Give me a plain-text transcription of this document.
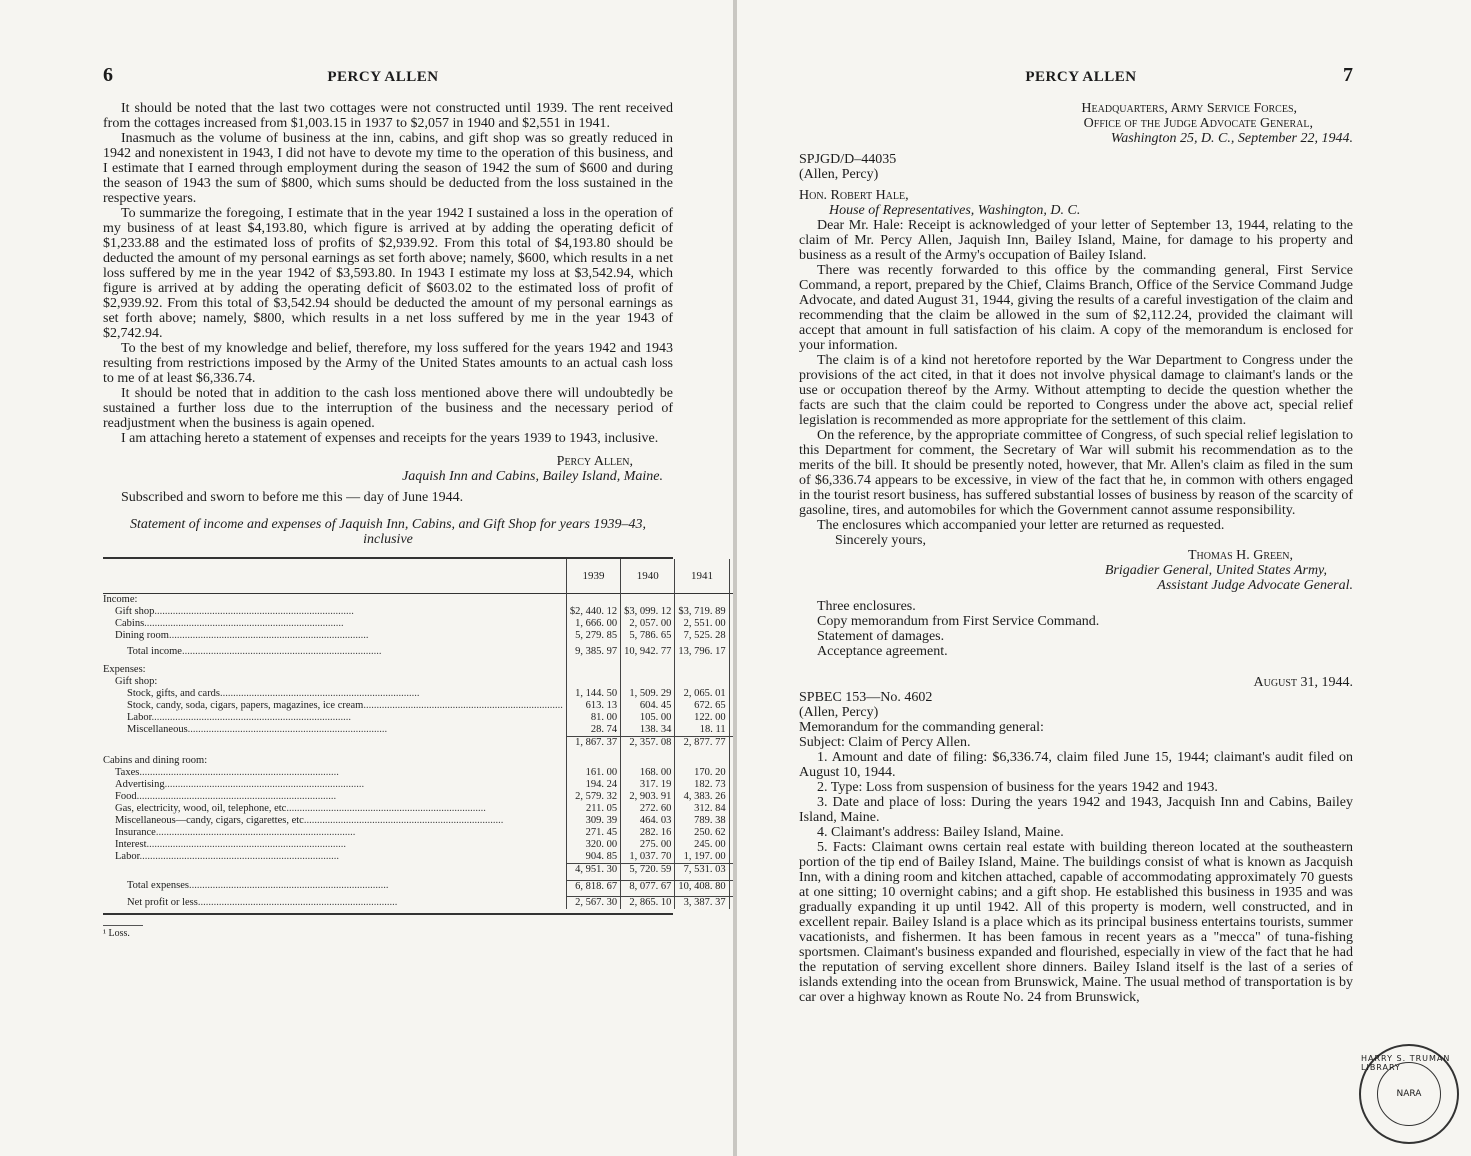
6	PERCY ALLEN

It should be noted that the last two cottages were not constructed until 1939. The rent received from the cottages increased from $1,003.15 in 1937 to $2,057 in 1940 and $2,551 in 1941.

Inasmuch as the volume of business at the inn, cabins, and gift shop was so greatly reduced in 1942 and nonexistent in 1943, I did not have to devote my time to the operation of this business, and I estimate that I earned through employment during the season of 1942 the sum of $600 and during the season of 1943 the sum of $800, which sums should be deducted from the loss sustained in the respective years.

To summarize the foregoing, I estimate that in the year 1942 I sustained a loss in the operation of my business of at least $4,193.80, which figure is arrived at by adding the operating deficit of $1,233.88 and the estimated loss of profits of $2,939.92. From this total of $4,193.80 should be deducted the amount of my personal earnings as set forth above; namely, $600, which results in a net loss suffered by me in the year 1942 of $3,593.80. In 1943 I estimate my loss at $3,542.94, which figure is arrived at by adding the operating deficit of $603.02 to the estimated loss of profit of $2,939.92. From this total of $3,542.94 should be deducted the amount of my personal earnings as set forth above; namely, $800, which results in a net loss suffered by me in the year 1943 of $2,742.94.

To the best of my knowledge and belief, therefore, my loss suffered for the years 1942 and 1943 resulting from restrictions imposed by the Army of the United States amounts to an actual cash loss to me of at least $6,336.74.

It should be noted that in addition to the cash loss mentioned above there will undoubtedly be sustained a further loss due to the interruption of the business and the necessary period of readjustment when the business is again opened.

I am attaching hereto a statement of expenses and receipts for the years 1939 to 1943, inclusive.

Percy Allen,
Jaquish Inn and Cabins, Bailey Island, Maine.

Subscribed and sworn to before me this — day of June 1944.

Statement of income and expenses of Jaquish Inn, Cabins, and Gift Shop for years 1939–43, inclusive

	1939	1940	1941		

Income:					
Gift shop .....	$2, 440. 12	$3, 099. 12	$3, 719. 89		
Cabins .....	1, 666. 00	2, 057. 00	2, 551. 00		
Dining room .....	5, 279. 85	5, 786. 65	7, 525. 28		

Total income .....	9, 385. 97	10, 942. 77	13, 796. 17		

Expenses:					
Gift shop:					
Stock, gifts, and cards .....	1, 144. 50	1, 509. 29	2, 065. 01		
Stock, candy, soda, cigars, papers, magazines, ice cream .....	613. 13	604. 45	672. 65		
Labor .....	81. 00	105. 00	122. 00		
Miscellaneous .....	28. 74	138. 34	18. 11		
	1, 867. 37	2, 357. 08	2, 877. 77		

Cabins and dining room:					
Taxes .....	161. 00	168. 00	170. 20		
Advertising .....	194. 24	317. 19	182. 73		
Food .....	2, 579. 32	2, 903. 91	4, 383. 26		
Gas, electricity, wood, oil, telephone, etc .....	211. 05	272. 60	312. 84		
Miscellaneous—candy, cigars, cigarettes, etc .....	309. 39	464. 03	789. 38		
Insurance .....	271. 45	282. 16	250. 62		
Interest .....	320. 00	275. 00	245. 00		
Labor .....	904. 85	1, 037. 70	1, 197. 00		
	4, 951. 30	5, 720. 59	7, 531. 03		

Total expenses .....	6, 818. 67	8, 077. 67	10, 408. 80		

Net profit or less .....	2, 567. 30	2, 865. 10	3, 387. 37		
¹ Loss.
PERCY ALLEN	7
Headquarters, Army Service Forces,
Office of the Judge Advocate General,
Washington 25, D. C., September 22, 1944.

SPJGD/D–44035

(Allen, Percy)

Hon. Robert Hale,

House of Representatives, Washington, D. C.

Dear Mr. Hale: Receipt is acknowledged of your letter of September 13, 1944, relating to the claim of Mr. Percy Allen, Jaquish Inn, Bailey Island, Maine, for damage to his property and business as a result of the Army's occupation of Bailey Island.

There was recently forwarded to this office by the commanding general, First Service Command, a report, prepared by the Chief, Claims Branch, Office of the Service Command Judge Advocate, and dated August 31, 1944, giving the results of a careful investigation of the claim and recommending that the claim be allowed in the sum of $2,112.24, provided the claimant will accept that amount in full satisfaction of his claim. A copy of the memorandum is enclosed for your information.

The claim is of a kind not heretofore reported by the War Department to Congress under the provisions of the act cited, in that it does not involve physical damage to claimant's lands or the use or occupation thereof by the Army. Without attempting to decide the question whether the facts are such that the claim could be reported to Congress under the above act, special relief legislation is recommended as more appropriate for the settlement of this claim.

On the reference, by the appropriate committee of Congress, of such special relief legislation to this Department for comment, the Secretary of War will submit his recommendation as to the merits of the bill. It should be presently noted, however, that Mr. Allen's claim as filed in the sum of $6,336.74 appears to be excessive, in view of the fact that he, in common with others engaged in the tourist resort business, has suffered substantial losses of business by reason of the scarcity of gasoline, tires, and automobiles for which the Government cannot assume responsibility.

The enclosures which accompanied your letter are returned as requested.

Sincerely yours,

Thomas H. Green,
Brigadier General, United States Army,
Assistant Judge Advocate General.

Three enclosures.

Copy memorandum from First Service Command.

Statement of damages.

Acceptance agreement.

August 31, 1944.

SPBEC 153—No. 4602

(Allen, Percy)

Memorandum for the commanding general:

Subject: Claim of Percy Allen.

1. Amount and date of filing: $6,336.74, claim filed June 15, 1944; claimant's audit filed on August 10, 1944.

2. Type: Loss from suspension of business for the years 1942 and 1943.

3. Date and place of loss: During the years 1942 and 1943, Jacquish Inn and Cabins, Bailey Island, Maine.

4. Claimant's address: Bailey Island, Maine.

5. Facts: Claimant owns certain real estate with building thereon located at the southeastern portion of the tip end of Bailey Island, Maine. The buildings consist of what is known as Jacquish Inn, with a dining room and kitchen attached, capable of accommodating approximately 70 guests at one sitting; 10 overnight cabins; and a gift shop. He established this business in 1935 and was gradually expanding it up until 1942. All of this property is modern, well constructed, and in excellent repair. Bailey Island is a place which as its principal business entertains tourists, summer vacationists, and fishermen. It has been famous in recent years as a "mecca" of tuna-fishing sportsmen. Claimant's business expanded and flourished, especially in view of the fact that he had the reputation of serving excellent shore dinners. Bailey Island itself is the last of a series of islands extending into the ocean from Brunswick, Maine. The usual method of transportation is by car over a highway known as Route No. 24 from Brunswick,

HARRY S. TRUMAN LIBRARY
NARA
